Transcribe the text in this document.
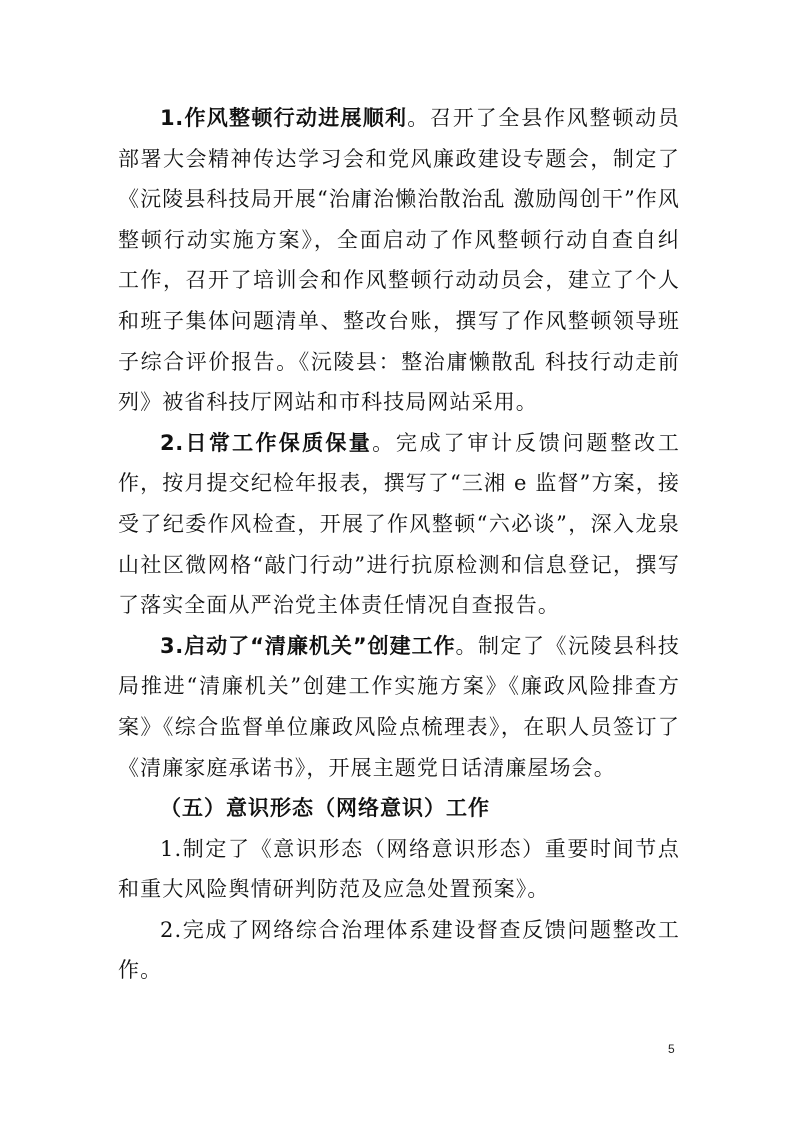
1.作风整顿行动进展顺利。召开了全县作风整顿动员部署大会精神传达学习会和党风廉政建设专题会，制定了《沅陵县科技局开展“治庸治懒治散治乱 激励闯创干”作风整顿行动实施方案》，全面启动了作风整顿行动自查自纠工作，召开了培训会和作风整顿行动动员会，建立了个人和班子集体问题清单、整改台账，撰写了作风整顿领导班子综合评价报告。《沅陵县：整治庸懒散乱 科技行动走前列》被省科技厅网站和市科技局网站采用。

2.日常工作保质保量。完成了审计反馈问题整改工作，按月提交纪检年报表，撰写了“三湘 e 监督”方案，接受了纪委作风检查，开展了作风整顿“六必谈”，深入龙泉山社区微网格“敲门行动”进行抗原检测和信息登记，撰写了落实全面从严治党主体责任情况自查报告。

3.启动了“清廉机关”创建工作。制定了《沅陵县科技局推进“清廉机关”创建工作实施方案》《廉政风险排查方案》《综合监督单位廉政风险点梳理表》，在职人员签订了《清廉家庭承诺书》，开展主题党日话清廉屋场会。

（五）意识形态（网络意识）工作

1.制定了《意识形态（网络意识形态）重要时间节点和重大风险舆情研判防范及应急处置预案》。

2.完成了网络综合治理体系建设督查反馈问题整改工作。

5
